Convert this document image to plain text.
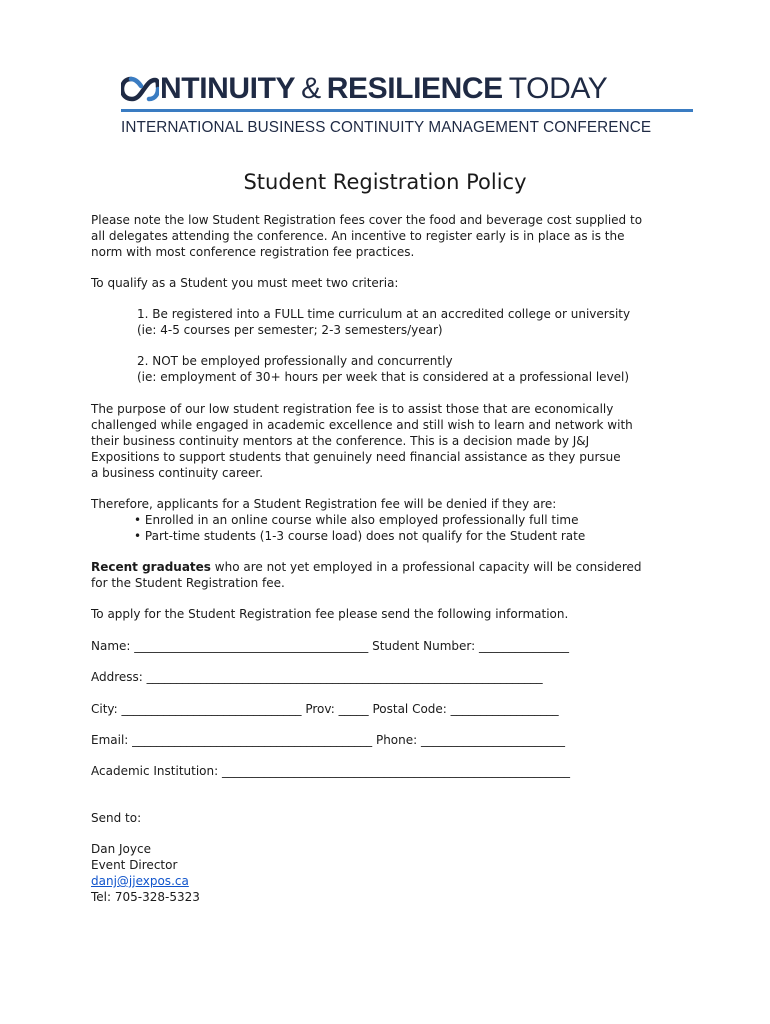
NTINUITY & RESILIENCE TODAY
INTERNATIONAL BUSINESS CONTINUITY MANAGEMENT CONFERENCE
Student Registration Policy
Please note the low Student Registration fees cover the food and beverage cost supplied to
all delegates attending the conference. An incentive to register early is in place as is the
norm with most conference registration fee practices.
To qualify as a Student you must meet two criteria:
1. Be registered into a FULL time curriculum at an accredited college or university
(ie: 4-5 courses per semester; 2-3 semesters/year)
2. NOT be employed professionally and concurrently
(ie: employment of 30+ hours per week that is considered at a professional level)
The purpose of our low student registration fee is to assist those that are economically
challenged while engaged in academic excellence and still wish to learn and network with
their business continuity mentors at the conference. This is a decision made by J&J
Expositions to support students that genuinely need financial assistance as they pursue
a business continuity career.
Therefore, applicants for a Student Registration fee will be denied if they are:
• Enrolled in an online course while also employed professionally full time
• Part-time students (1-3 course load) does not qualify for the Student rate
Recent graduates who are not yet employed in a professional capacity will be considered
for the Student Registration fee.
To apply for the Student Registration fee please send the following information.
Name: _______________________________________ Student Number: _______________
Address: __________________________________________________________________
City: ______________________________ Prov: _____ Postal Code: __________________
Email: ________________________________________ Phone: ________________________
Academic Institution: __________________________________________________________
Send to:
Dan Joyce
Event Director
danj@jjexpos.ca
Tel: 705-328-5323
